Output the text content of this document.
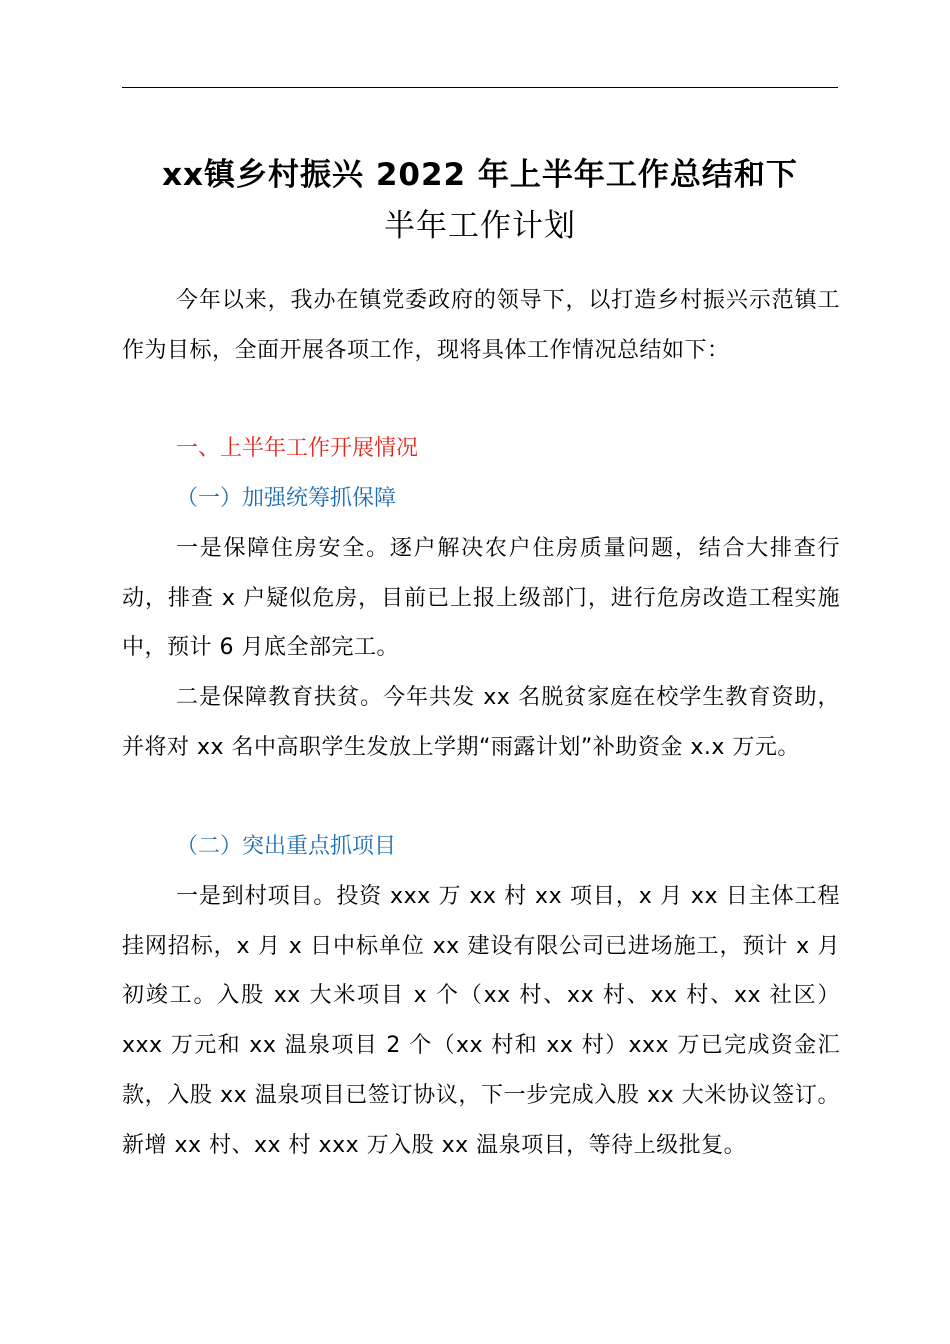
xx镇乡村振兴 2022 年上半年工作总结和下
半年工作计划

今年以来，我办在镇党委政府的领导下，以打造乡村振兴示范镇工作为目标，全面开展各项工作，现将具体工作情况总结如下：

一、上半年工作开展情况

（一）加强统筹抓保障

一是保障住房安全。逐户解决农户住房质量问题，结合大排查行动，排查 x 户疑似危房，目前已上报上级部门，进行危房改造工程实施中，预计 6 月底全部完工。

二是保障教育扶贫。今年共发 xx 名脱贫家庭在校学生教育资助，并将对 xx 名中高职学生发放上学期“雨露计划”补助资金 x.x 万元。

（二）突出重点抓项目

一是到村项目。投资 xxx 万 xx 村 xx 项目，x 月 xx 日主体工程挂网招标，x 月 x 日中标单位 xx 建设有限公司已进场施工，预计 x 月初竣工。入股 xx 大米项目 x 个（xx 村、xx 村、xx 村、xx 社区）xxx 万元和 xx 温泉项目 2 个（xx 村和 xx 村）xxx 万已完成资金汇款，入股 xx 温泉项目已签订协议，下一步完成入股 xx 大米协议签订。新增 xx 村、xx 村 xxx 万入股 xx 温泉项目，等待上级批复。
